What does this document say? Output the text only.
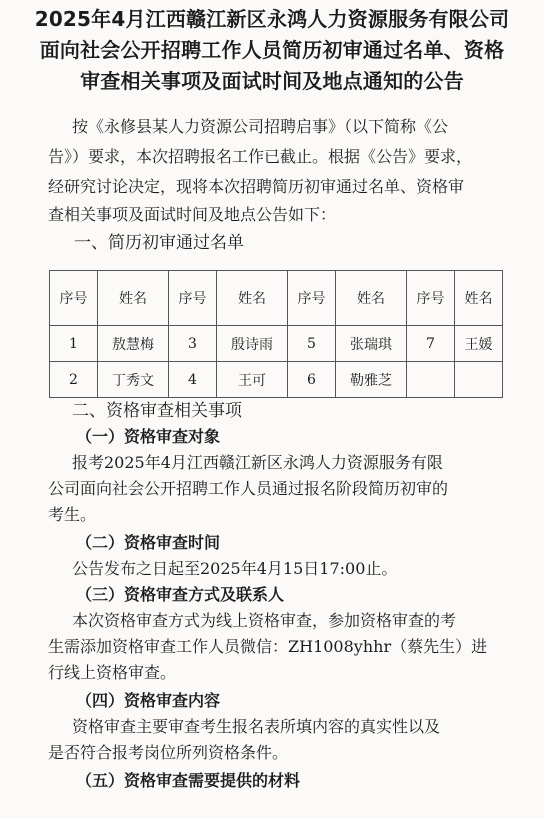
2025年4月江西赣江新区永鸿人力资源服务有限公司
面向社会公开招聘工作人员简历初审通过名单、资格
审查相关事项及面试时间及地点通知的公告
按《永修县某人力资源公司招聘启事》（以下简称《公
告》）要求，本次招聘报名工作已截止。根据《公告》要求，
经研究讨论决定，现将本次招聘简历初审通过名单、资格审
查相关事项及面试时间及地点公告如下：
一、简历初审通过名单
序号	姓名	序号	姓名	序号	姓名	序号	姓名
1	敖慧梅	3	殷诗雨	5	张瑞琪	7	王媛
2	丁秀文	4	王可	6	勒雅芝		
二、资格审查相关事项
（一）资格审查对象
报考2025年4月江西赣江新区永鸿人力资源服务有限
公司面向社会公开招聘工作人员通过报名阶段简历初审的
考生。
（二）资格审查时间
公告发布之日起至2025年4月15日17:00止。
（三）资格审查方式及联系人
本次资格审查方式为线上资格审查，参加资格审查的考
生需添加资格审查工作人员微信：ZH1008yhhr（蔡先生）进
行线上资格审查。
（四）资格审查内容
资格审查主要审查考生报名表所填内容的真实性以及
是否符合报考岗位所列资格条件。
（五）资格审查需要提供的材料
